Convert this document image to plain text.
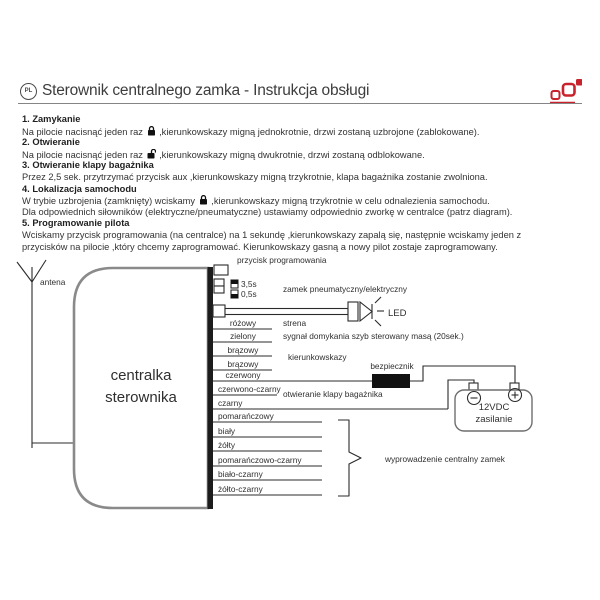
PL Sterownik centralnego zamka - Instrukcja obsługi
1. Zamykanie
Na pilocie nacisnąć jeden raz  ,kierunkowskazy migną jednokrotnie, drzwi zostaną uzbrojone (zablokowane).
2. Otwieranie
Na pilocie nacisnąć jeden raz  ,kierunkowskazy migną dwukrotnie, drzwi zostaną odblokowane.
3. Otwieranie klapy bagażnika
Przez 2,5 sek. przytrzymać przycisk aux ,kierunkowskazy migną trzykrotnie, klapa bagażnika zostanie zwolniona.
4. Lokalizacja samochodu
W trybie uzbrojenia (zamknięty) wciskamy  ,kierunkowskazy migną trzykrotnie w celu odnalezienia samochodu.
Dla odpowiednich siłowników (elektryczne/pneumatyczne) ustawiamy odpowiednio zworkę w centralce (patrz diagram).
5. Programowanie pilota
Wciskamy przycisk programowania (na centralce) na 1 sekundę ,kierunkowskazy zapalą się, następnie wciskamy jeden z
przycisków na pilocie ,który chcemy zaprogramować. Kierunkowskazy gasną a nowy pilot zostaje zaprogramowany.
antena
przycisk programowania
3,5s
0,5s	zamek pneumatyczny/elektryczny
LED
bezpiecznik
różowy
zielony
brązowy
brązowy
czerwony
czerwono-czarny
czarny
pomarańczowy
biały
żółty
pomarańczowo-czarny
biało-czarny
żółto-czarny
strena
sygnał domykania szyb sterowany masą (20sek.)
kierunkowskazy
otwieranie klapy bagażnika
wyprowadzenie centralny zamek
centralka
sterownika
12VDC
zasilanie
